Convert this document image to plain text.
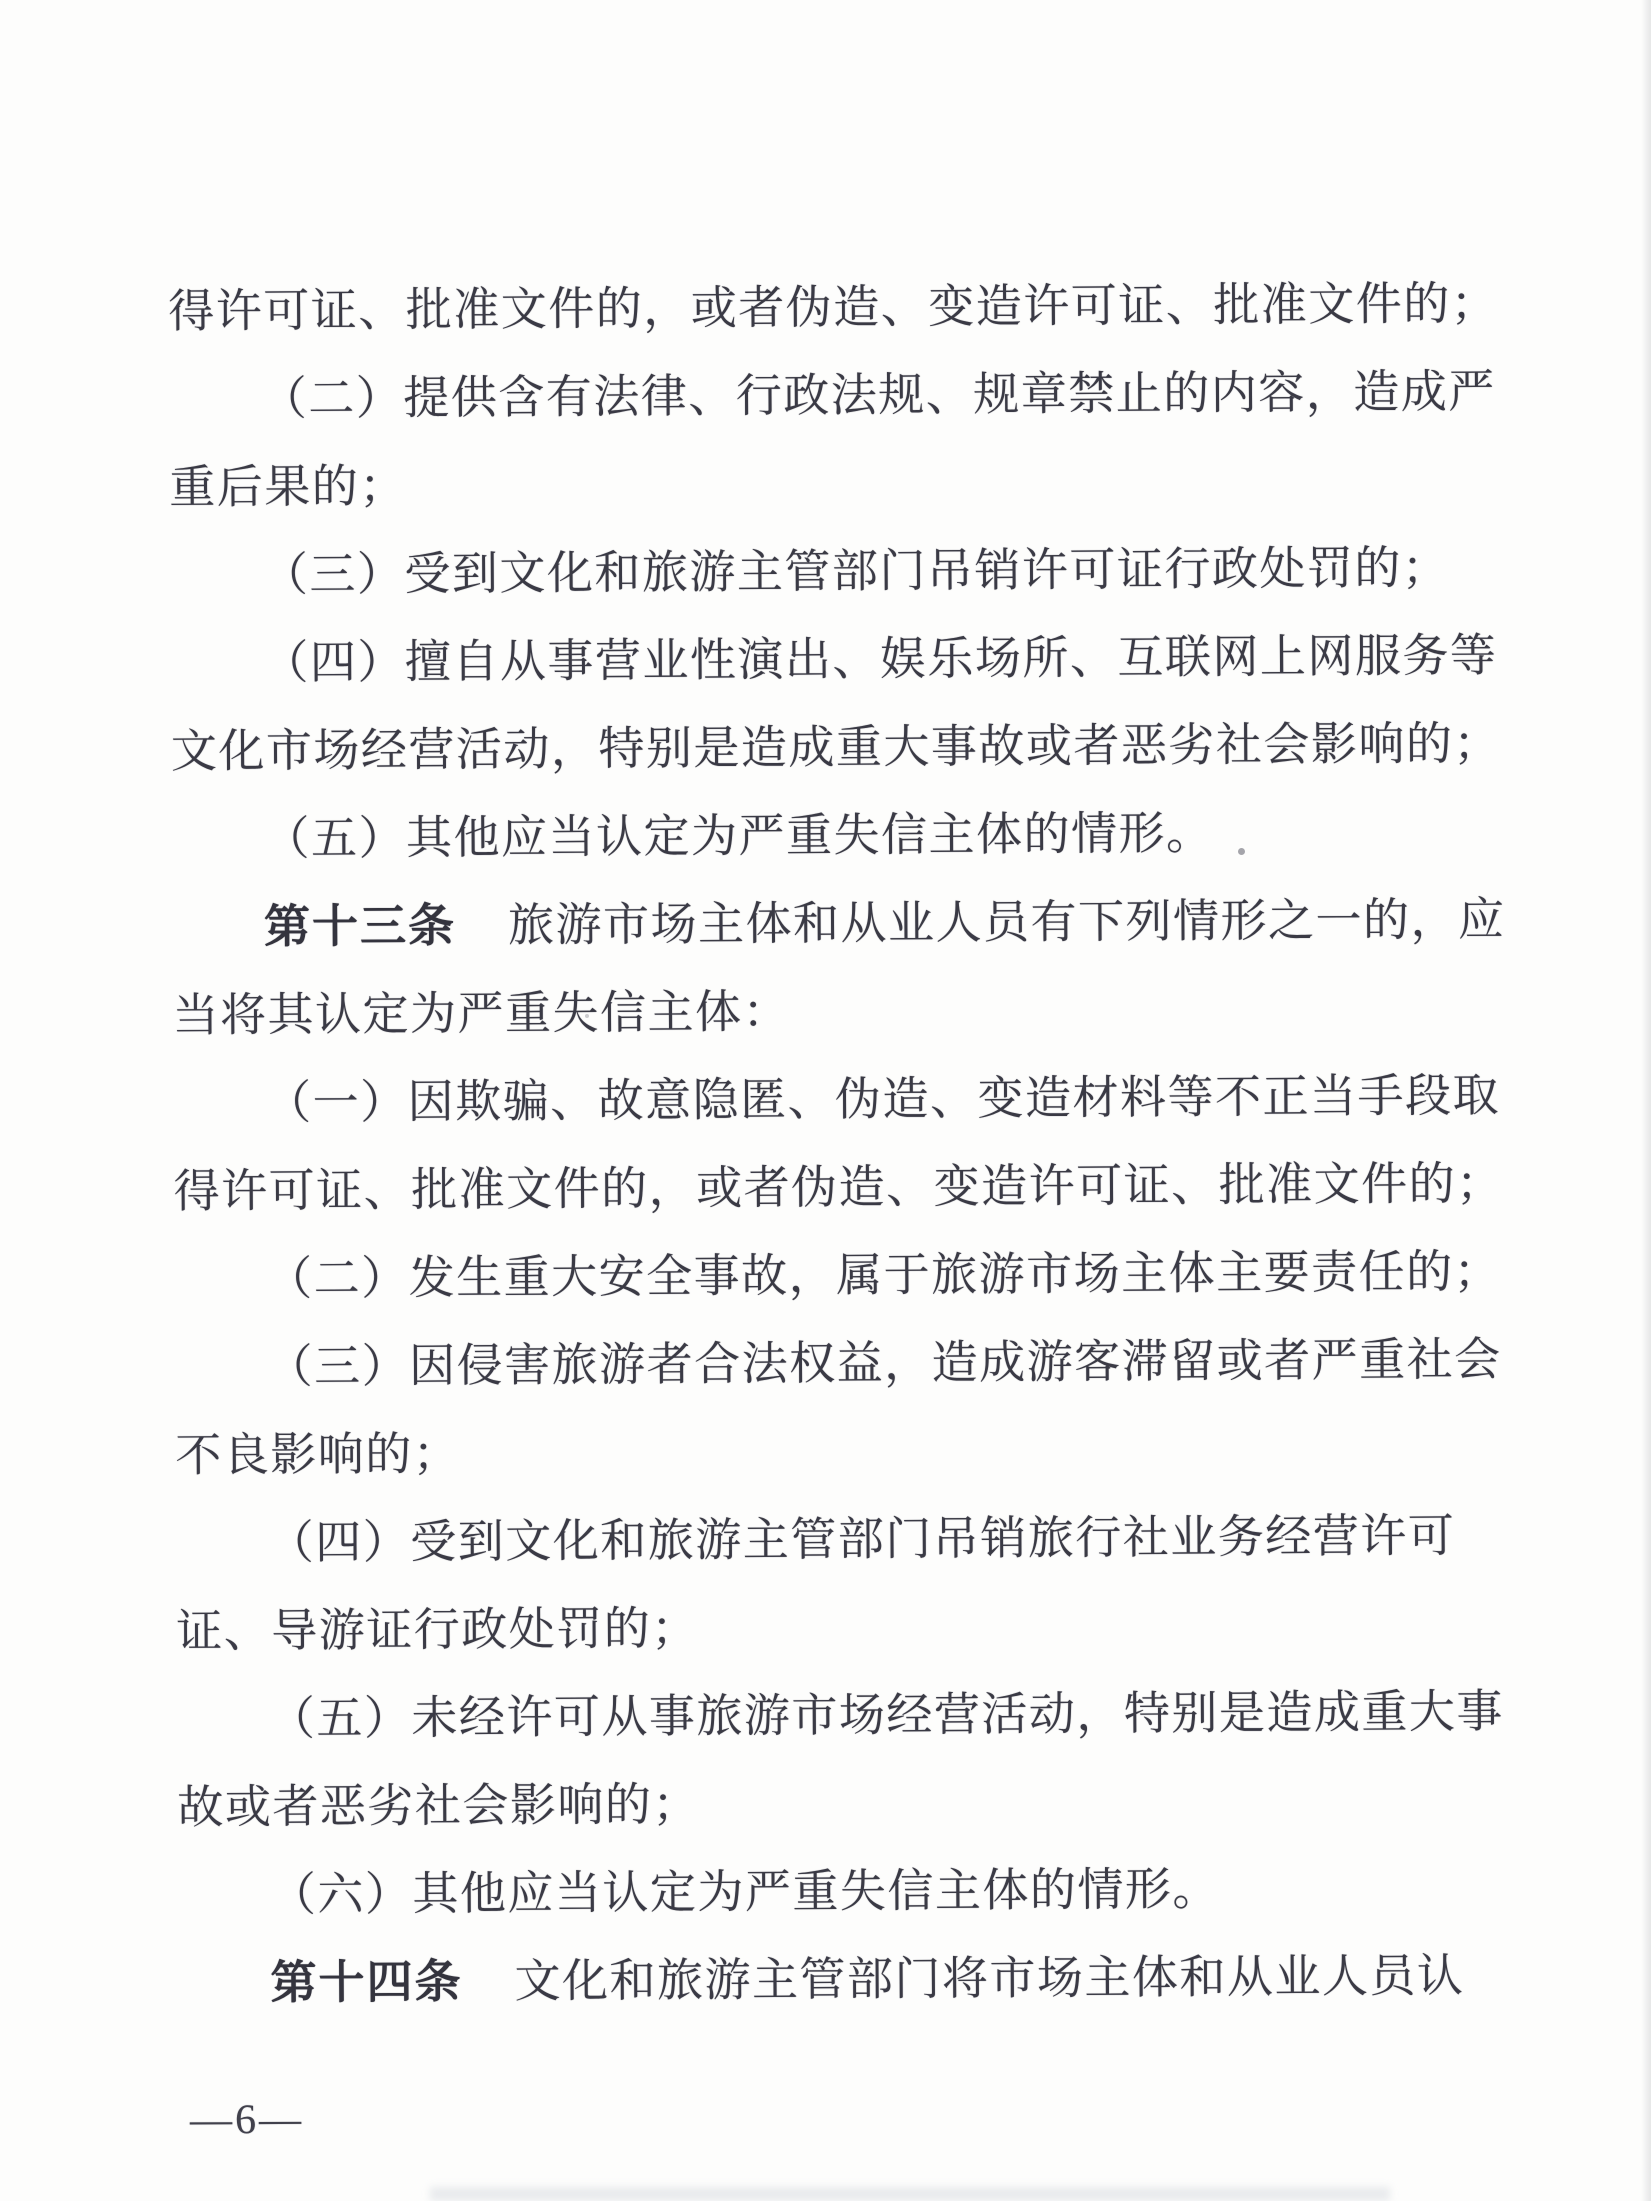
得许可证、批准文件的，或者伪造、变造许可证、批准文件的；
（二）提供含有法律、行政法规、规章禁止的内容，造成严
重后果的；
（三）受到文化和旅游主管部门吊销许可证行政处罚的；
（四）擅自从事营业性演出、娱乐场所、互联网上网服务等
文化市场经营活动，特别是造成重大事故或者恶劣社会影响的；
（五）其他应当认定为严重失信主体的情形。
第十三条 旅游市场主体和从业人员有下列情形之一的，应
当将其认定为严重失信主体：
（一）因欺骗、故意隐匿、伪造、变造材料等不正当手段取
得许可证、批准文件的，或者伪造、变造许可证、批准文件的；
（二）发生重大安全事故，属于旅游市场主体主要责任的；
（三）因侵害旅游者合法权益，造成游客滞留或者严重社会
不良影响的；
（四）受到文化和旅游主管部门吊销旅行社业务经营许可
证、导游证行政处罚的；
（五）未经许可从事旅游市场经营活动，特别是造成重大事
故或者恶劣社会影响的；
（六）其他应当认定为严重失信主体的情形。
第十四条 文化和旅游主管部门将市场主体和从业人员认
—6—
